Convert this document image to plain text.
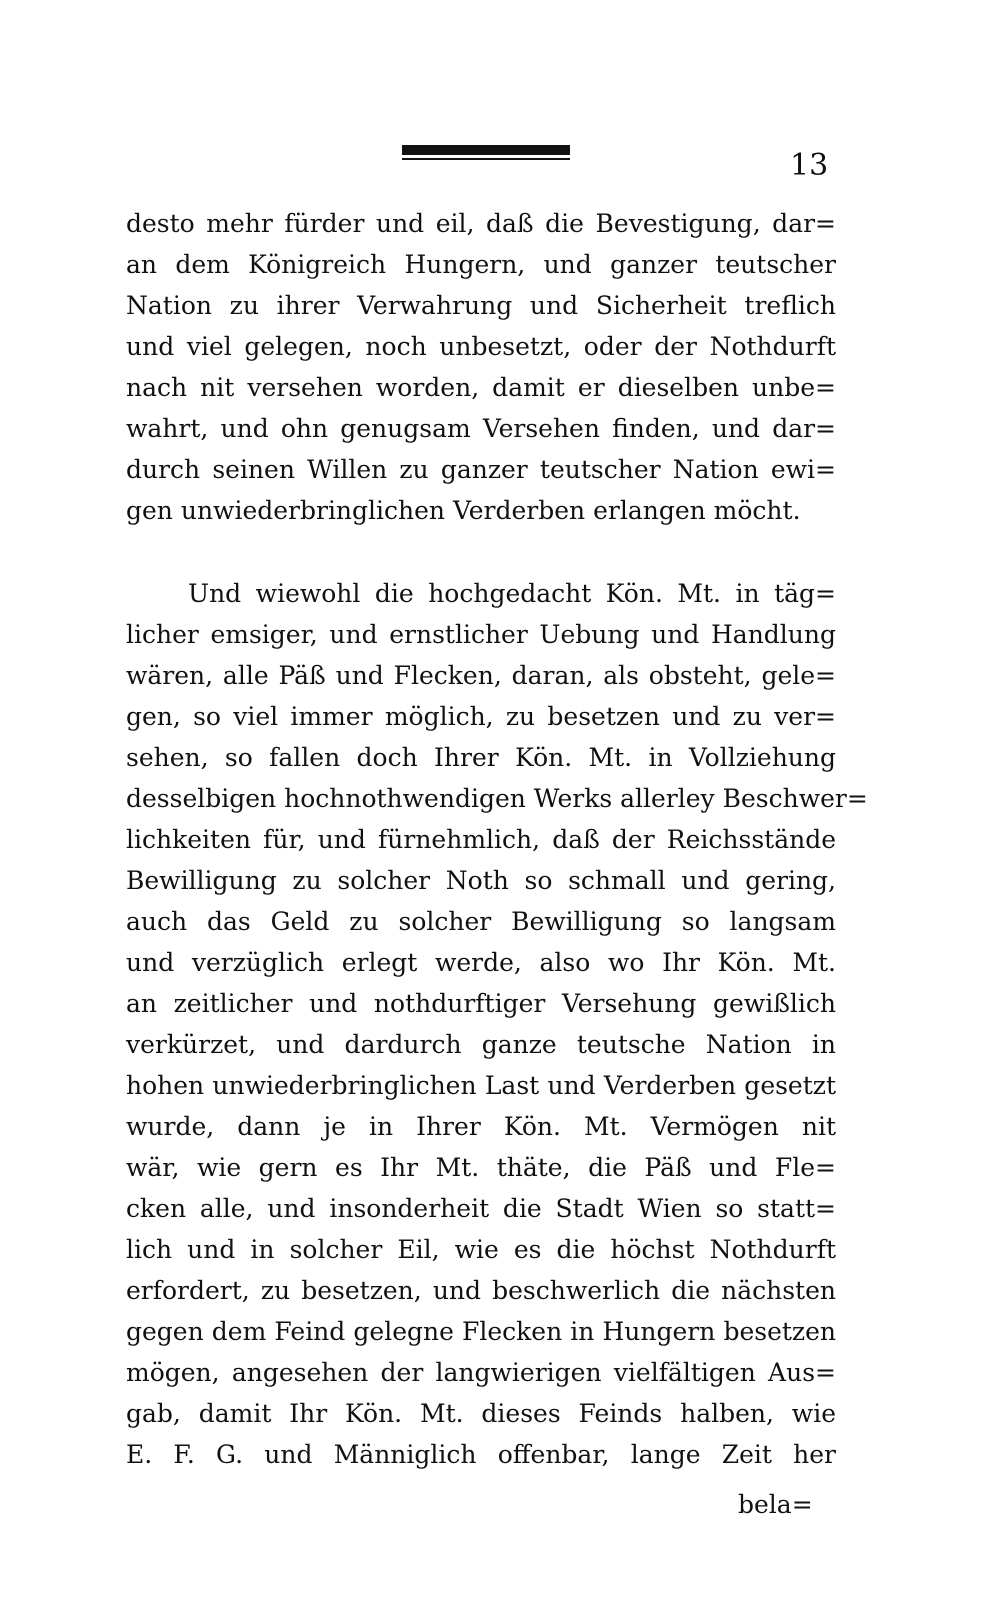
13
desto mehr fürder und eil, daß die Bevestigung, dar=
an dem Königreich Hungern, und ganzer teutscher
Nation zu ihrer Verwahrung und Sicherheit treflich
und viel gelegen, noch unbesetzt, oder der Nothdurft
nach nit versehen worden, damit er dieselben unbe=
wahrt, und ohn genugsam Versehen finden, und dar=
durch seinen Willen zu ganzer teutscher Nation ewi=
gen unwiederbringlichen Verderben erlangen möcht.
Und wiewohl die hochgedacht Kön. Mt. in täg=
licher emsiger, und ernstlicher Uebung und Handlung
wären, alle Päß und Flecken, daran, als obsteht, gele=
gen, so viel immer möglich, zu besetzen und zu ver=
sehen, so fallen doch Ihrer Kön. Mt. in Vollziehung
desselbigen hochnothwendigen Werks allerley Beschwer=
lichkeiten für, und fürnehmlich, daß der Reichsstände
Bewilligung zu solcher Noth so schmall und gering,
auch das Geld zu solcher Bewilligung so langsam
und verzüglich erlegt werde, also wo Ihr Kön. Mt.
an zeitlicher und nothdurftiger Versehung gewißlich
verkürzet, und dardurch ganze teutsche Nation in
hohen unwiederbringlichen Last und Verderben gesetzt
wurde, dann je in Ihrer Kön. Mt. Vermögen nit
wär, wie gern es Ihr Mt. thäte, die Päß und Fle=
cken alle, und insonderheit die Stadt Wien so statt=
lich und in solcher Eil, wie es die höchst Nothdurft
erfordert, zu besetzen, und beschwerlich die nächsten
gegen dem Feind gelegne Flecken in Hungern besetzen
mögen, angesehen der langwierigen vielfältigen Aus=
gab, damit Ihr Kön. Mt. dieses Feinds halben, wie
E. F. G. und Männiglich offenbar, lange Zeit her
bela=
